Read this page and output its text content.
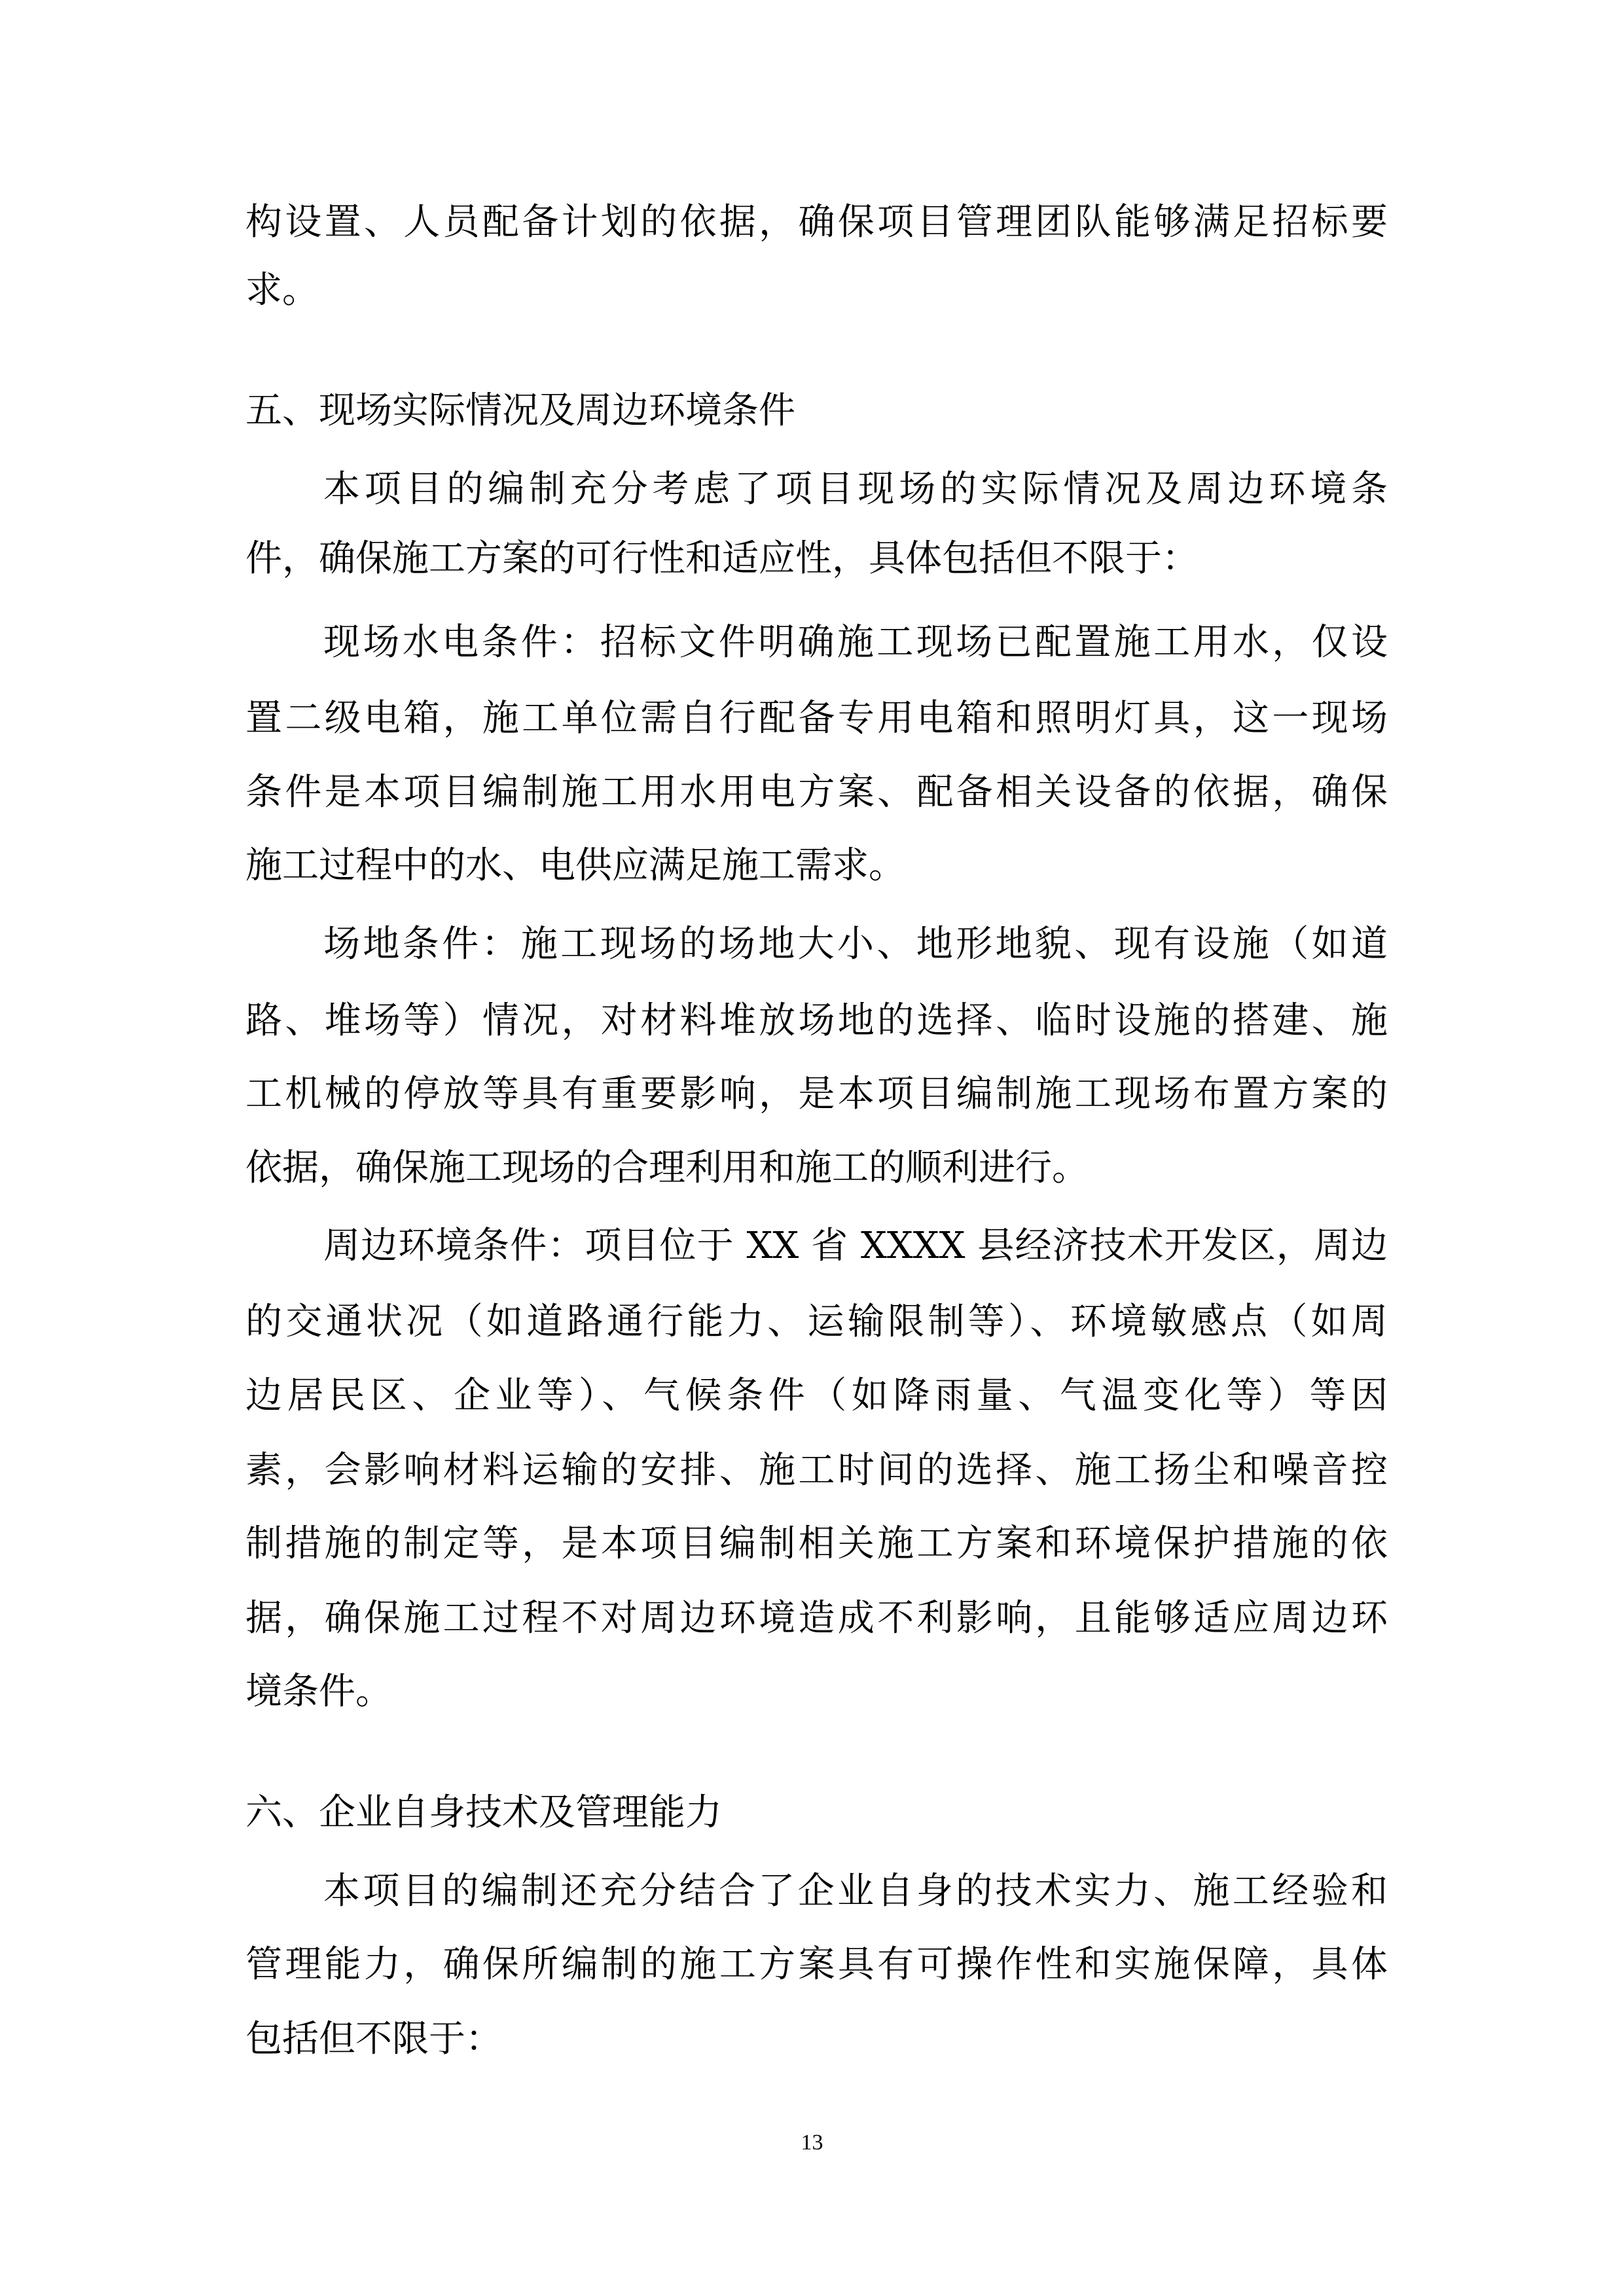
构设置、人员配备计划的依据，确保项目管理团队能够满足招标要
求。
五、现场实际情况及周边环境条件
本项目的编制充分考虑了项目现场的实际情况及周边环境条
件，确保施工方案的可行性和适应性，具体包括但不限于：
现场水电条件：招标文件明确施工现场已配置施工用水，仅设
置二级电箱，施工单位需自行配备专用电箱和照明灯具，这一现场
条件是本项目编制施工用水用电方案、配备相关设备的依据，确保
施工过程中的水、电供应满足施工需求。
场地条件：施工现场的场地大小、地形地貌、现有设施（如道
路、堆场等）情况，对材料堆放场地的选择、临时设施的搭建、施
工机械的停放等具有重要影响，是本项目编制施工现场布置方案的
依据，确保施工现场的合理利用和施工的顺利进行。
周边环境条件：项目位于 XX 省 XXXX 县经济技术开发区，周边
的交通状况（如道路通行能力、运输限制等）、环境敏感点（如周
边居民区、企业等）、气候条件（如降雨量、气温变化等）等因
素，会影响材料运输的安排、施工时间的选择、施工扬尘和噪音控
制措施的制定等，是本项目编制相关施工方案和环境保护措施的依
据，确保施工过程不对周边环境造成不利影响，且能够适应周边环
境条件。
六、企业自身技术及管理能力
本项目的编制还充分结合了企业自身的技术实力、施工经验和
管理能力，确保所编制的施工方案具有可操作性和实施保障，具体
包括但不限于：
13
